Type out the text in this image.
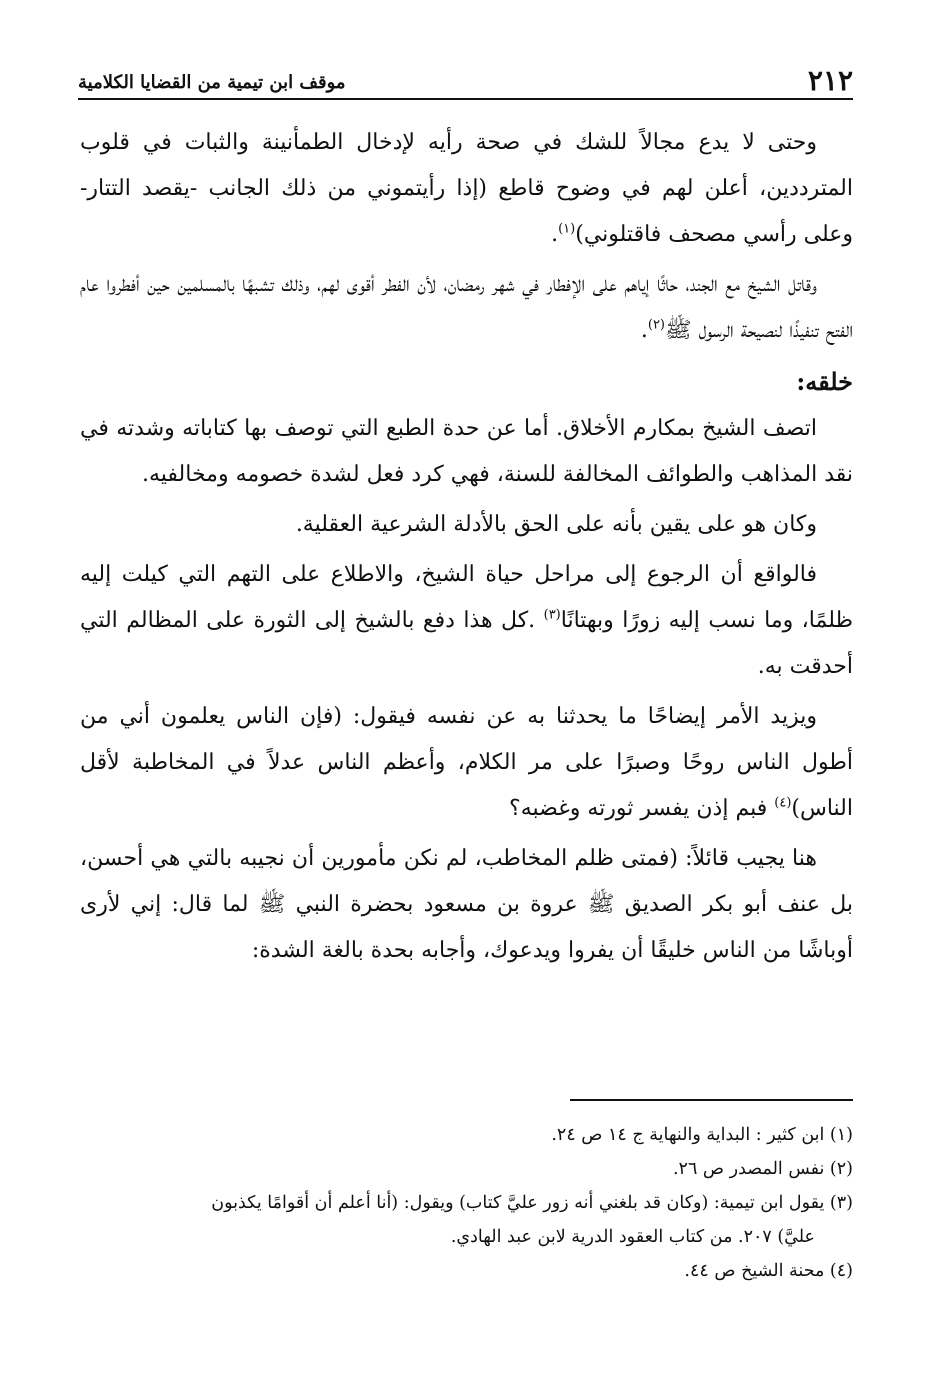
٢١٢
موقف ابن تيمية من القضايا الكلامية

وحتى لا يدع مجالاً للشك في صحة رأيه لإدخال الطمأنينة والثبات في قلوب المترددين، أعلن لهم في وضوح قاطع (إذا رأيتموني من ذلك الجانب -يقصد التتار- وعلى رأسي مصحف فاقتلوني)$^{(١)}$.

وقاتل الشيخ مع الجند، حاثًا إياهم على الإفطار في شهر رمضان، لأن الفطر أقوى لهم، وذلك تشبهًا بالمسلمين حين أفطروا عام الفتح تنفيذًا لنصيحة الرسول ﷺ$^{(٢)}$.

خلقه:

اتصف الشيخ بمكارم الأخلاق. أما عن حدة الطبع التي توصف بها كتاباته وشدته في نقد المذاهب والطوائف المخالفة للسنة، فهي كرد فعل لشدة خصومه ومخالفيه.

وكان هو على يقين بأنه على الحق بالأدلة الشرعية العقلية.

فالواقع أن الرجوع إلى مراحل حياة الشيخ، والاطلاع على التهم التي كيلت إليه ظلمًا، وما نسب إليه زورًا وبهتانًا$^{(٣)}$ .كل هذا دفع بالشيخ إلى الثورة على المظالم التي أحدقت به.

ويزيد الأمر إيضاحًا ما يحدثنا به عن نفسه فيقول: (فإن الناس يعلمون أني من أطول الناس روحًا وصبرًا على مر الكلام، وأعظم الناس عدلاً في المخاطبة لأقل الناس)$^{(٤)}$ فبم إذن يفسر ثورته وغضبه؟

هنا يجيب قائلاً: (فمتى ظلم المخاطب، لم نكن مأمورين أن نجيبه بالتي هي أحسن، بل عنف أبو بكر الصديق ﷺ عروة بن مسعود بحضرة النبي ﷺ لما قال: إني لأرى أوباشًا من الناس خليقًا أن يفروا ويدعوك، وأجابه بحدة بالغة الشدة:

(١) ابن كثير : البداية والنهاية ج ١٤ ص ٢٤.

(٢) نفس المصدر ص ٢٦.

(٣) يقول ابن تيمية: (وكان قد بلغني أنه زور عليَّ كتاب) ويقول: (أنا أعلم أن أقوامًا يكذبون

عليَّ) ٢٠٧. من كتاب العقود الدرية لابن عبد الهادي.

(٤) محنة الشيخ ص ٤٤.
